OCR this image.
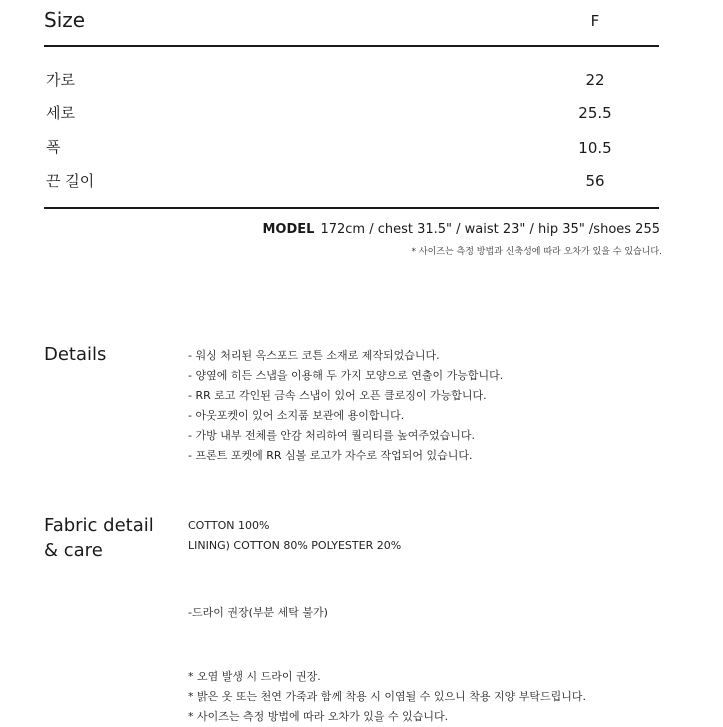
Size	F
가로	22
세로	25.5
폭	10.5
끈 길이	56
MODEL 172cm / chest 31.5" / waist 23" / hip 35" /shoes 255
* 사이즈는 측정 방법과 신축성에 따라 오차가 있을 수 있습니다.
Details	- 워싱 처리된 옥스포드 코튼 소재로 제작되었습니다.
- 양옆에 히든 스냅을 이용해 두 가지 모양으로 연출이 가능합니다.
- RR 로고 각인된 금속 스냅이 있어 오픈 클로징이 가능합니다.
- 아웃포켓이 있어 소지품 보관에 용이합니다.
- 가방 내부 전체를 안감 처리하여 퀄리티를 높여주었습니다.
- 프론트 포켓에 RR 심볼 로고가 자수로 작업되어 있습니다.
Fabric detail
& care
COTTON 100%
LINING) COTTON 80% POLYESTER 20%
-드라이 권장(부분 세탁 불가)
* 오염 발생 시 드라이 권장.
* 밝은 옷 또는 천연 가죽과 함께 착용 시 이염될 수 있으니 착용 지양 부탁드립니다.
* 사이즈는 측정 방법에 따라 오차가 있을 수 있습니다.
